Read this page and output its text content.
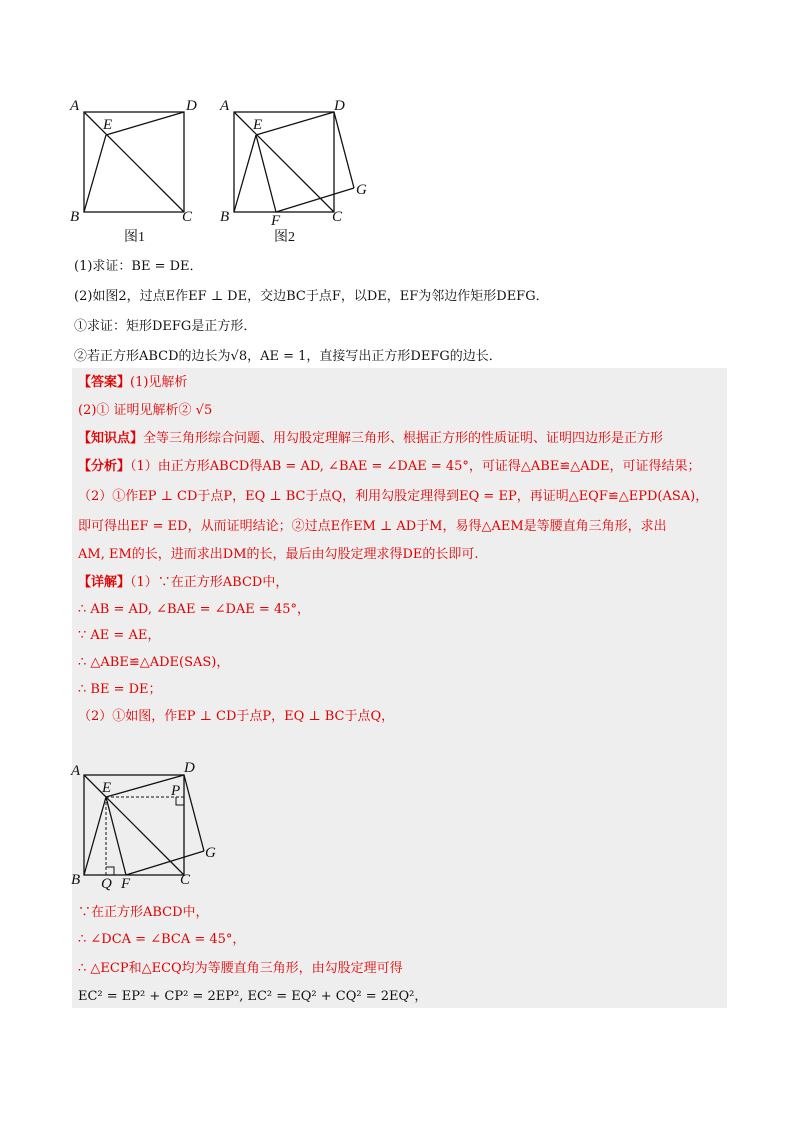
A	D
E
B	C
图1
A	D
E
G
B	F	C
图2
(1)求证：BE = DE．
(2)如图2，过点E作EF ⊥ DE，交边BC于点F，以DE，EF为邻边作矩形DEFG．
①求证：矩形DEFG是正方形．
②若正方形ABCD的边长为√8，AE = 1，直接写出正方形DEFG的边长．
【答案】(1)见解析
(2)① 证明见解析② √5
【知识点】全等三角形综合问题、用勾股定理解三角形、根据正方形的性质证明、证明四边形是正方形
【分析】（1）由正方形ABCD得AB = AD, ∠BAE = ∠DAE = 45°，可证得△ABE≌△ADE，可证得结果；
（2）①作EP ⊥ CD于点P，EQ ⊥ BC于点Q，利用勾股定理得到EQ = EP，再证明△EQF≌△EPD(ASA)，
即可得出EF = ED，从而证明结论；②过点E作EM ⊥ AD于M，易得△AEM是等腰直角三角形，求出
AM, EM的长，进而求出DM的长，最后由勾股定理求得DE的长即可.
【详解】（1）∵在正方形ABCD中，
∴ AB = AD, ∠BAE = ∠DAE = 45°，
∵ AE = AE，
∴ △ABE≌△ADE(SAS)，
∴ BE = DE；
（2）①如图，作EP ⊥ CD于点P，EQ ⊥ BC于点Q，
A	D
E	P
G
B Q F	C
∵在正方形ABCD中，
∴ ∠DCA = ∠BCA = 45°，
∴ △ECP和△ECQ均为等腰直角三角形，由勾股定理可得
EC² = EP² + CP² = 2EP², EC² = EQ² + CQ² = 2EQ²，
